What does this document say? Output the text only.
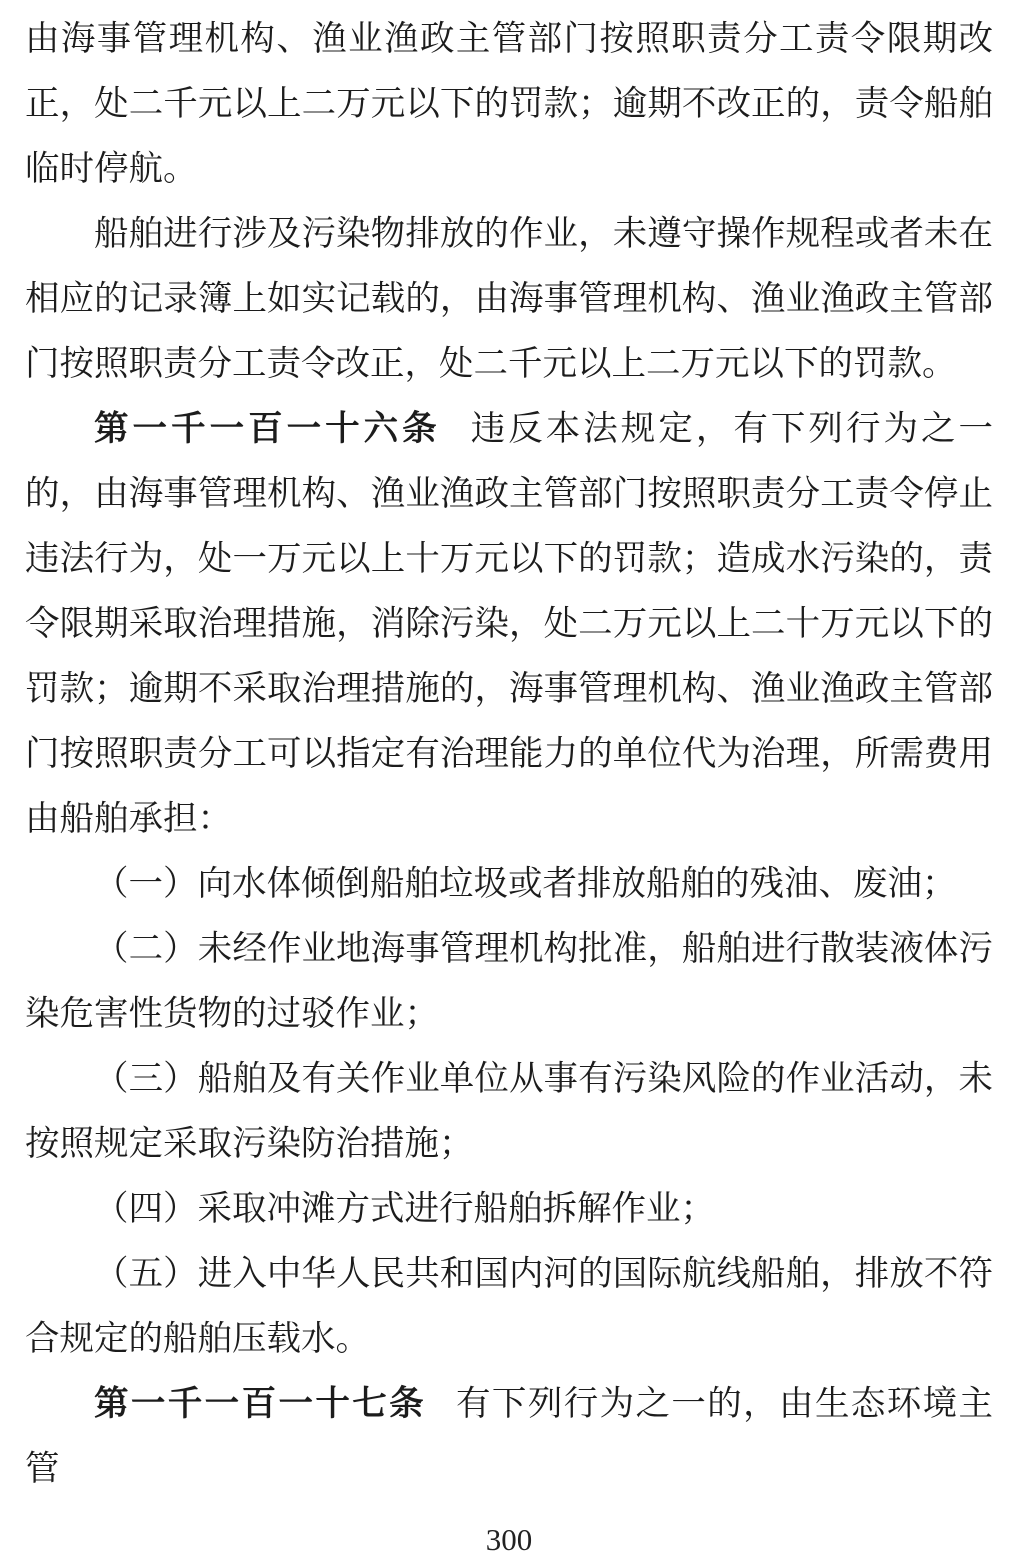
由海事管理机构、渔业渔政主管部门按照职责分工责令限期改正，处二千元以上二万元以下的罚款；逾期不改正的，责令船舶临时停航。

船舶进行涉及污染物排放的作业，未遵守操作规程或者未在相应的记录簿上如实记载的，由海事管理机构、渔业渔政主管部门按照职责分工责令改正，处二千元以上二万元以下的罚款。

第一千一百一十六条 违反本法规定，有下列行为之一的，由海事管理机构、渔业渔政主管部门按照职责分工责令停止违法行为，处一万元以上十万元以下的罚款；造成水污染的，责令限期采取治理措施，消除污染，处二万元以上二十万元以下的罚款；逾期不采取治理措施的，海事管理机构、渔业渔政主管部门按照职责分工可以指定有治理能力的单位代为治理，所需费用由船舶承担：

（一）向水体倾倒船舶垃圾或者排放船舶的残油、废油；

（二）未经作业地海事管理机构批准，船舶进行散装液体污染危害性货物的过驳作业；

（三）船舶及有关作业单位从事有污染风险的作业活动，未按照规定采取污染防治措施；

（四）采取冲滩方式进行船舶拆解作业；

（五）进入中华人民共和国内河的国际航线船舶，排放不符合规定的船舶压载水。

第一千一百一十七条 有下列行为之一的，由生态环境主管

300
